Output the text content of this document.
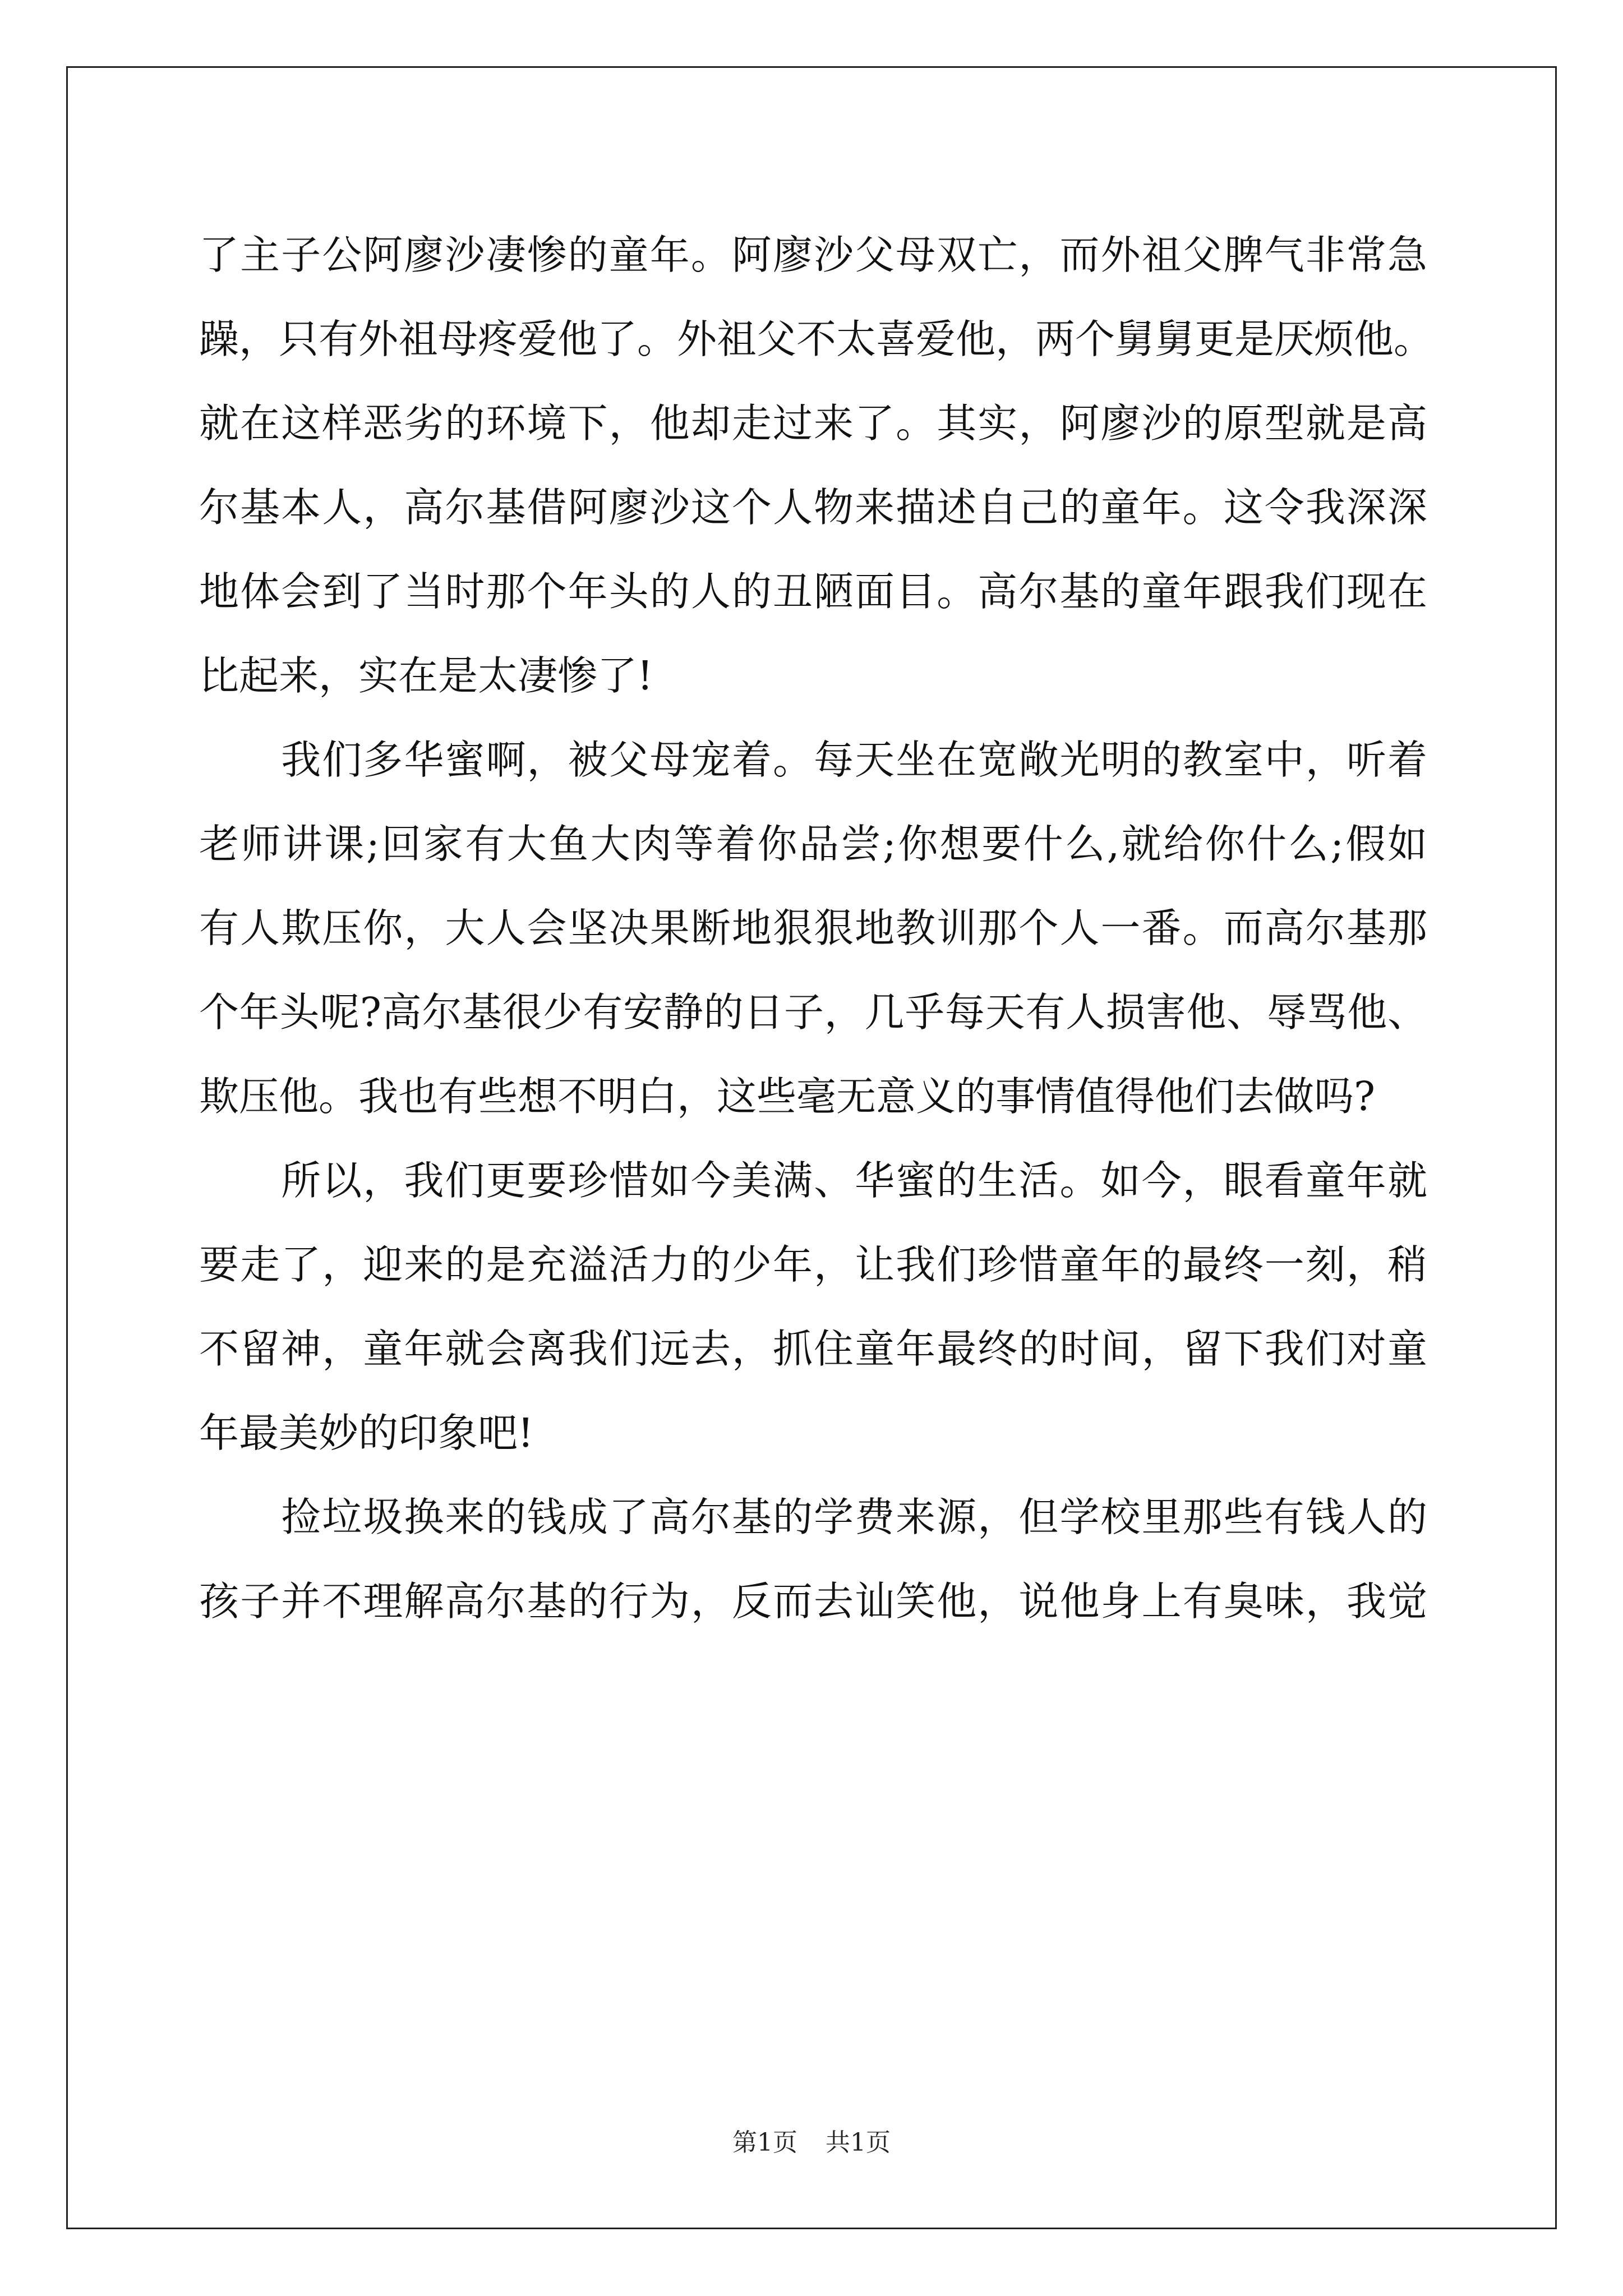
了主子公阿廖沙凄惨的童年。阿廖沙父母双亡，而外祖父脾气非常急
躁，只有外祖母疼爱他了。外祖父不太喜爱他，两个舅舅更是厌烦他。
就在这样恶劣的环境下，他却走过来了。其实，阿廖沙的原型就是高
尔基本人，高尔基借阿廖沙这个人物来描述自己的童年。这令我深深
地体会到了当时那个年头的人的丑陋面目。高尔基的童年跟我们现在
比起来，实在是太凄惨了!
　　我们多华蜜啊，被父母宠着。每天坐在宽敞光明的教室中，听着
老师讲课;回家有大鱼大肉等着你品尝;你想要什么,就给你什么;假如
有人欺压你，大人会坚决果断地狠狠地教训那个人一番。而高尔基那
个年头呢?高尔基很少有安静的日子，几乎每天有人损害他、辱骂他、
欺压他。我也有些想不明白，这些毫无意义的事情值得他们去做吗?
　　所以，我们更要珍惜如今美满、华蜜的生活。如今，眼看童年就
要走了，迎来的是充溢活力的少年，让我们珍惜童年的最终一刻，稍
不留神，童年就会离我们远去，抓住童年最终的时间，留下我们对童
年最美妙的印象吧!
　　捡垃圾换来的钱成了高尔基的学费来源，但学校里那些有钱人的
孩子并不理解高尔基的行为，反而去讪笑他，说他身上有臭味，我觉
第1页 共1页
